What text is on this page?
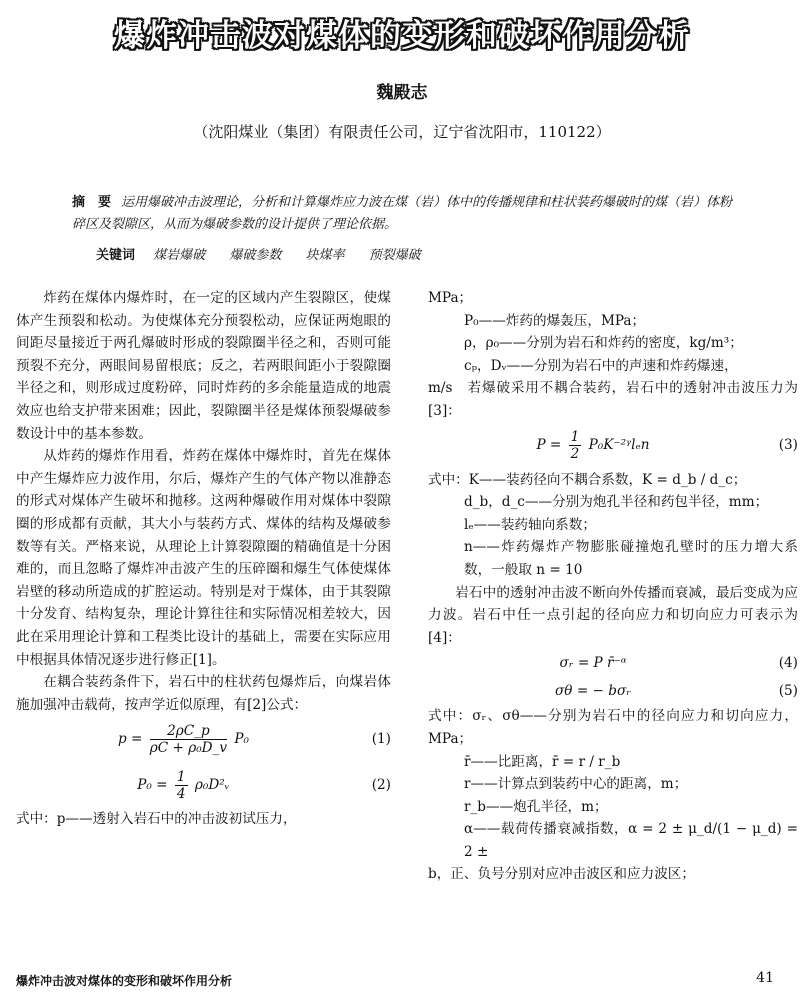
爆炸冲击波对煤体的变形和破坏作用分析
魏殿志
（沈阳煤业（集团）有限责任公司，辽宁省沈阳市，110122）
摘　要 运用爆破冲击波理论，分析和计算爆炸应力波在煤（岩）体中的传播规律和柱状装药爆破时的煤（岩）体粉碎区及裂隙区，从而为爆破参数的设计提供了理论依据。
关键词 煤岩爆破 爆破参数 块煤率 预裂爆破

炸药在煤体内爆炸时，在一定的区域内产生裂隙区，使煤体产生预裂和松动。为使煤体充分预裂松动，应保证两炮眼的间距尽量接近于两孔爆破时形成的裂隙圈半径之和，否则可能预裂不充分，两眼间易留根底；反之，若两眼间距小于裂隙圈半径之和，则形成过度粉碎，同时炸药的多余能量造成的地震效应也给支护带来困难；因此，裂隙圈半径是煤体预裂爆破参数设计中的基本参数。

从炸药的爆炸作用看，炸药在煤体中爆炸时，首先在煤体中产生爆炸应力波作用，尔后，爆炸产生的气体产物以准静态的形式对煤体产生破坏和抛移。这两种爆破作用对煤体中裂隙圈的形成都有贡献，其大小与装药方式、煤体的结构及爆破参数等有关。严格来说，从理论上计算裂隙圈的精确值是十分困难的，而且忽略了爆炸冲击波产生的压碎圈和爆生气体使煤体岩壁的移动所造成的扩腔运动。特别是对于煤体，由于其裂隙十分发育、结构复杂，理论计算往往和实际情况相差较大，因此在采用理论计算和工程类比设计的基础上，需要在实际应用中根据具体情况逐步进行修正[1]。

在耦合装药条件下，岩石中的柱状药包爆炸后，向煤岩体施加强冲击载荷，按声学近似原理，有[2]公式：

$p = \frac{2\rho C\_p}{\text{ρC + ρ₀D\_v}} P_0$	(1)
$P_0 = \frac{1}{4}$ ρ₀D²ᵥ	(2)

式中：p——透射入岩石中的冲击波初试压力，

MPa；

P₀——炸药的爆轰压，MPa；

ρ，ρ₀——分别为岩石和炸药的密度，kg/m³；

cₚ，Dᵥ——分别为岩石中的声速和炸药爆速，

m/s　若爆破采用不耦合装药，岩石中的透射冲击波压力为[3]：

$P = \frac{1}{2}$ P₀K⁻²ᵞlₑn	(3)

式中：K——装药径向不耦合系数，K = d_b / d_c；

d_b，d_c——分别为炮孔半径和药包半径，mm；

lₑ——装药轴向系数；

n——炸药爆炸产物膨胀碰撞炮孔壁时的压力增大系数，一般取 n = 10

岩石中的透射冲击波不断向外传播而衰减，最后变成为应力波。岩石中任一点引起的径向应力和切向应力可表示为[4]：

σᵣ = P r̄⁻ᵅ	(4)
σθ = − bσᵣ	(5)

式中：σᵣ、σθ——分别为岩石中的径向应力和切向应力，MPa；

r̄——比距离，r̄ = r / r_b

r——计算点到装药中心的距离，m；

r_b——炮孔半径，m；

α——载荷传播衰减指数，α = 2 ± μ_d/(1 − μ_d) = 2 ±

b，正、负号分别对应冲击波区和应力波区；

爆炸冲击波对煤体的变形和破坏作用分析	41
